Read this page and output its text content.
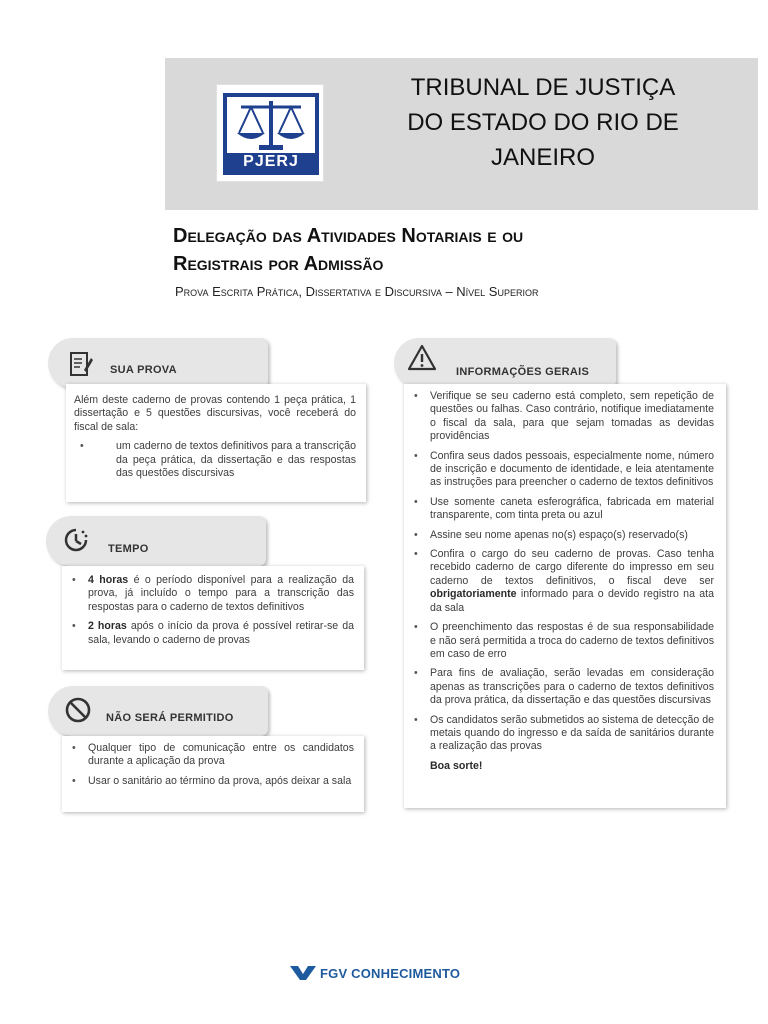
PJERJ
TRIBUNAL DE JUSTIÇA
DO ESTADO DO RIO DE
JANEIRO
Delegação das Atividades Notariais e ou
Registrais por Admissão
Prova Escrita Prática, Dissertativa e Discursiva – Nível Superior
SUA PROVA

Além deste caderno de provas contendo 1 peça prática, 1 dissertação e 5 questões discursivas, você receberá do fiscal de sala:

• um caderno de textos definitivos para a transcrição da peça prática, da dissertação e das respostas das questões discursivas
TEMPO
• 4 horas é o período disponível para a realização da prova, já incluído o tempo para a transcrição das respostas para o caderno de textos definitivos
• 2 horas após o início da prova é possível retirar-se da sala, levando o caderno de provas
NÃO SERÁ PERMITIDO
• Qualquer tipo de comunicação entre os candidatos durante a aplicação da prova
• Usar o sanitário ao término da prova, após deixar a sala
INFORMAÇÕES GERAIS
• Verifique se seu caderno está completo, sem repetição de questões ou falhas. Caso contrário, notifique imediatamente o fiscal da sala, para que sejam tomadas as devidas providências
• Confira seus dados pessoais, especialmente nome, número de inscrição e documento de identidade, e leia atentamente as instruções para preencher o caderno de textos definitivos
• Use somente caneta esferográfica, fabricada em material transparente, com tinta preta ou azul
• Assine seu nome apenas no(s) espaço(s) reservado(s)
• Confira o cargo do seu caderno de provas. Caso tenha recebido caderno de cargo diferente do impresso em seu caderno de textos definitivos, o fiscal deve ser obrigatoriamente informado para o devido registro na ata da sala
• O preenchimento das respostas é de sua responsabilidade e não será permitida a troca do caderno de textos definitivos em caso de erro
• Para fins de avaliação, serão levadas em consideração apenas as transcrições para o caderno de textos definitivos da prova prática, da dissertação e das questões discursivas
• Os candidatos serão submetidos ao sistema de detecção de metais quando do ingresso e da saída de sanitários durante a realização das provas

Boa sorte!

FGV CONHECIMENTO
